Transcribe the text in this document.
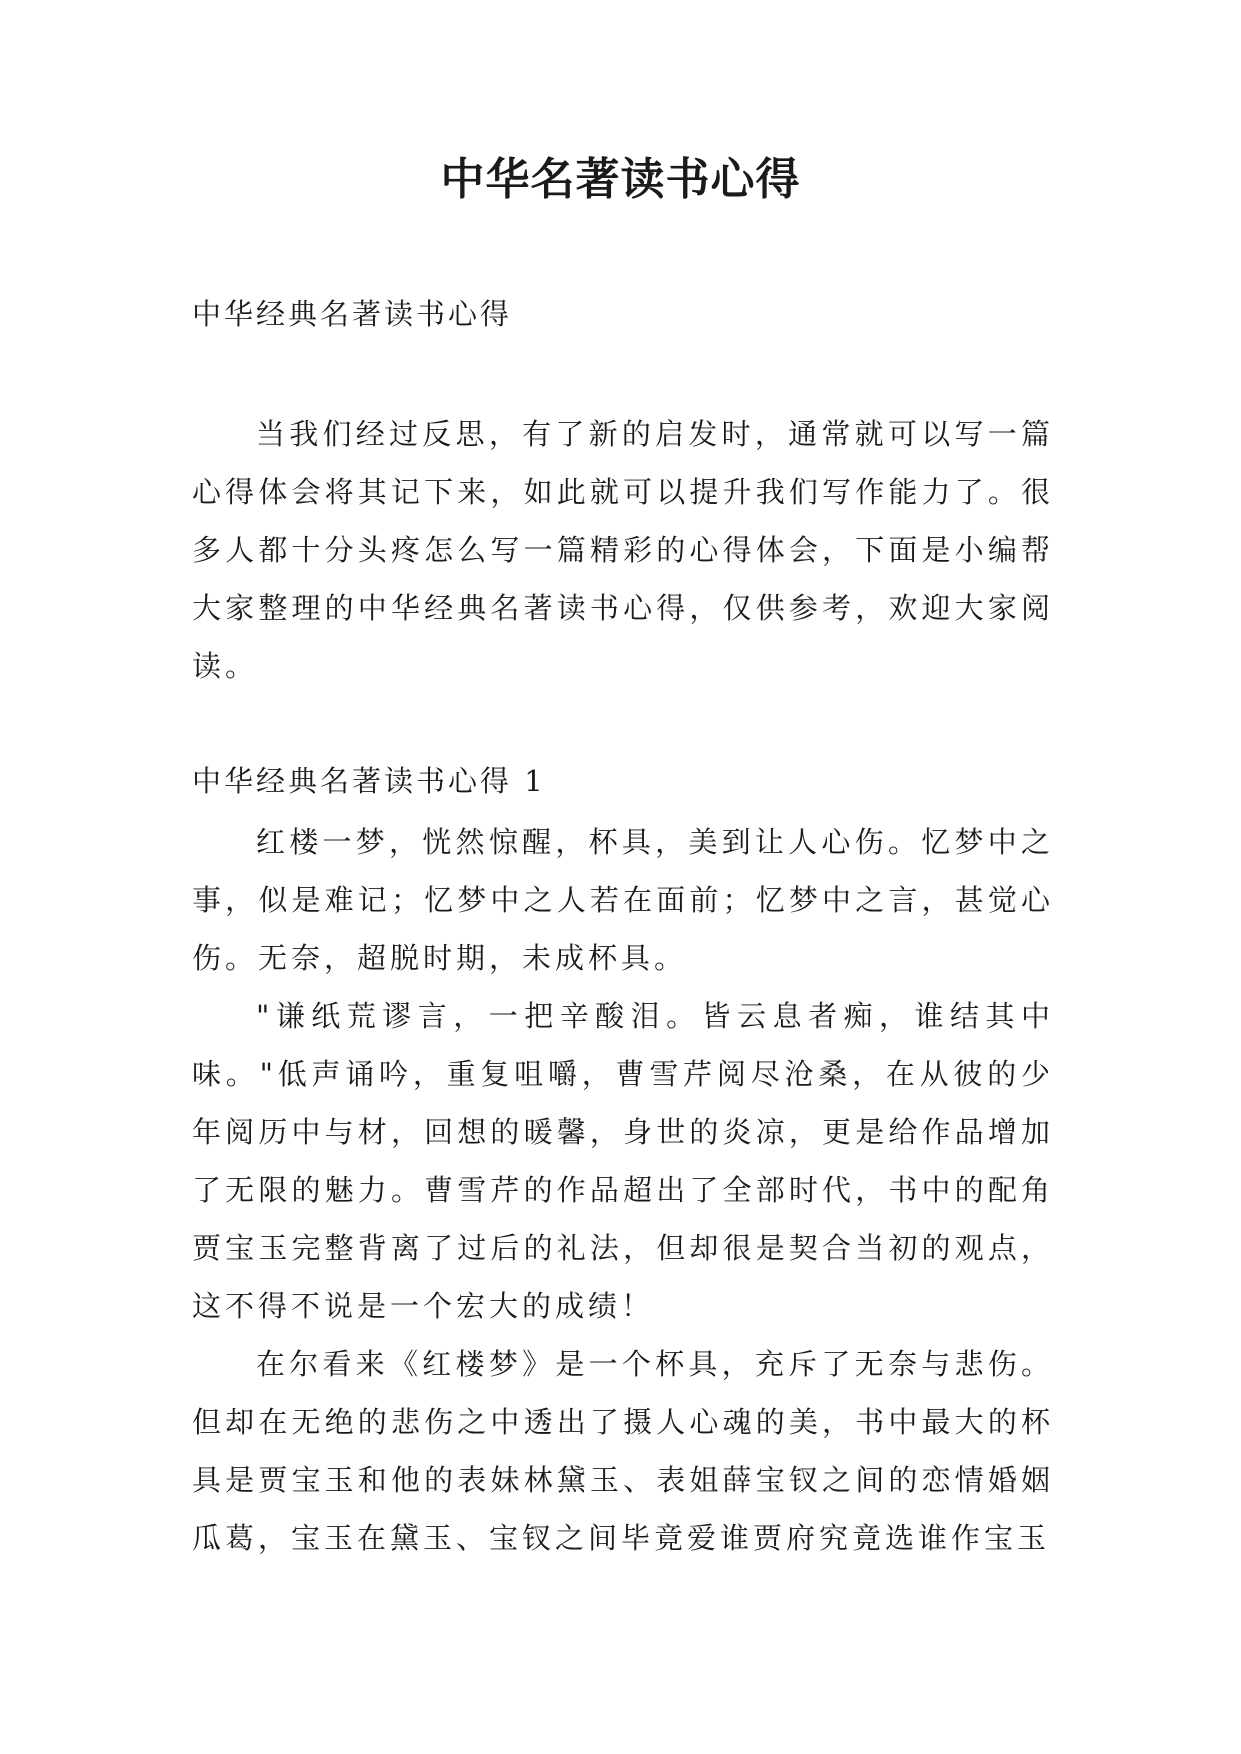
中华名著读书心得
中华经典名著读书心得

当我们经过反思，有了新的启发时，通常就可以写一篇心得体会将其记下来，如此就可以提升我们写作能力了。很多人都十分头疼怎么写一篇精彩的心得体会，下面是小编帮大家整理的中华经典名著读书心得，仅供参考，欢迎大家阅读。

中华经典名著读书心得 1

红楼一梦，恍然惊醒，杯具，美到让人心伤。忆梦中之事，似是难记；忆梦中之人若在面前；忆梦中之言，甚觉心伤。无奈，超脱时期，未成杯具。

"谦纸荒谬言，一把辛酸泪。皆云息者痴，谁结其中味。"低声诵吟，重复咀嚼，曹雪芹阅尽沧桑，在从彼的少年阅历中与材，回想的暖馨，身世的炎凉，更是给作品增加了无限的魅力。曹雪芹的作品超出了全部时代，书中的配角贾宝玉完整背离了过后的礼法，但却很是契合当初的观点，这不得不说是一个宏大的成绩！

在尔看来《红楼梦》是一个杯具，充斥了无奈与悲伤。但却在无绝的悲伤之中透出了摄人心魂的美，书中最大的杯具是贾宝玉和他的表妹林黛玉、表姐薛宝钗之间的恋情婚姻瓜葛，宝玉在黛玉、宝钗之间毕竟爱谁贾府究竟选谁作宝玉
